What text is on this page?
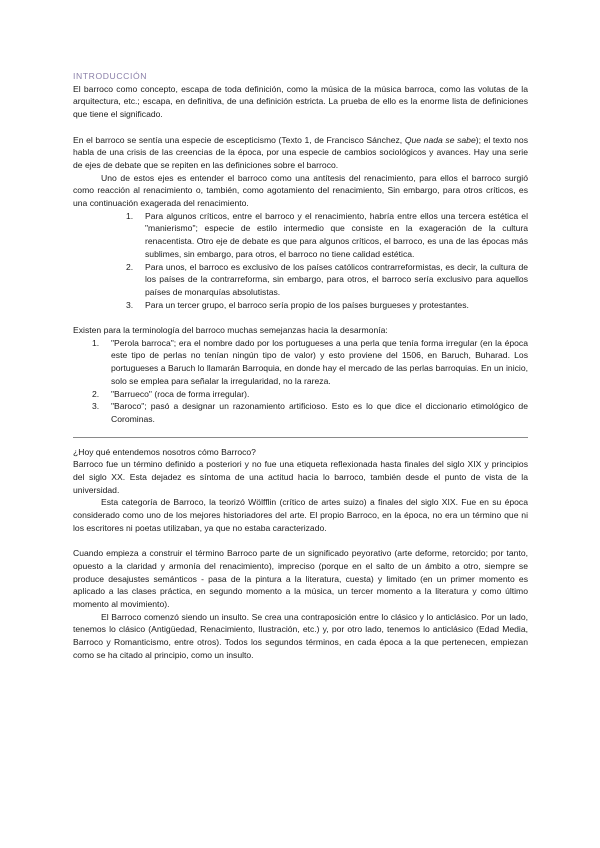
INTRODUCCIÓN

El barroco como concepto, escapa de toda definición, como la música de la música barroca, como las volutas de la arquitectura, etc.; escapa, en definitiva, de una definición estricta. La prueba de ello es la enorme lista de definiciones que tiene el significado.

En el barroco se sentía una especie de escepticismo (Texto 1, de Francisco Sánchez, Que nada se sabe); el texto nos habla de una crisis de las creencias de la época, por una especie de cambios sociológicos y avances. Hay una serie de ejes de debate que se repiten en las definiciones sobre el barroco.

Uno de estos ejes es entender el barroco como una antítesis del renacimiento, para ellos el barroco surgió como reacción al renacimiento o, también, como agotamiento del renacimiento, Sin embargo, para otros críticos, es una continuación exagerada del renacimiento.

1. Para algunos críticos, entre el barroco y el renacimiento, habría entre ellos una tercera estética el "manierismo"; especie de estilo intermedio que consiste en la exageración de la cultura renacentista. Otro eje de debate es que para algunos críticos, el barroco, es una de las épocas más sublimes, sin embargo, para otros, el barroco no tiene calidad estética.
2. Para unos, el barroco es exclusivo de los países católicos contrarreformistas, es decir, la cultura de los países de la contrarreforma, sin embargo, para otros, el barroco sería exclusivo para aquellos países de monarquías absolutistas.
3. Para un tercer grupo, el barroco sería propio de los países burgueses y protestantes.

Existen para la terminología del barroco muchas semejanzas hacia la desarmonía:

1. "Perola barroca"; era el nombre dado por los portugueses a una perla que tenía forma irregular (en la época este tipo de perlas no tenían ningún tipo de valor) y esto proviene del 1506, en Baruch, Buharad. Los portugueses a Baruch lo llamarán Barroquia, en donde hay el mercado de las perlas barroquias. En un inicio, solo se emplea para señalar la irregularidad, no la rareza.
2. "Barrueco" (roca de forma irregular).
3. "Baroco"; pasó a designar un razonamiento artificioso. Esto es lo que dice el diccionario etimológico de Corominas.

¿Hoy qué entendemos nosotros cómo Barroco?

Barroco fue un término definido a posteriori y no fue una etiqueta reflexionada hasta finales del siglo XIX y principios del siglo XX. Esta dejadez es síntoma de una actitud hacia lo barroco, también desde el punto de vista de la universidad.

Esta categoría de Barroco, la teorizó Wölfflin (crítico de artes suizo) a finales del siglo XIX. Fue en su época considerado como uno de los mejores historiadores del arte. El propio Barroco, en la época, no era un término que ni los escritores ni poetas utilizaban, ya que no estaba caracterizado.

Cuando empieza a construir el término Barroco parte de un significado peyorativo (arte deforme, retorcido; por tanto, opuesto a la claridad y armonía del renacimiento), impreciso (porque en el salto de un ámbito a otro, siempre se produce desajustes semánticos - pasa de la pintura a la literatura, cuesta) y limitado (en un primer momento es aplicado a las clases práctica, en segundo momento a la música, un tercer momento a la literatura y como último momento al movimiento).

El Barroco comenzó siendo un insulto. Se crea una contraposición entre lo clásico y lo anticlásico. Por un lado, tenemos lo clásico (Antigüedad, Renacimiento, Ilustración, etc.) y, por otro lado, tenemos lo anticlásico (Edad Media, Barroco y Romanticismo, entre otros). Todos los segundos términos, en cada época a la que pertenecen, empiezan como se ha citado al principio, como un insulto.
